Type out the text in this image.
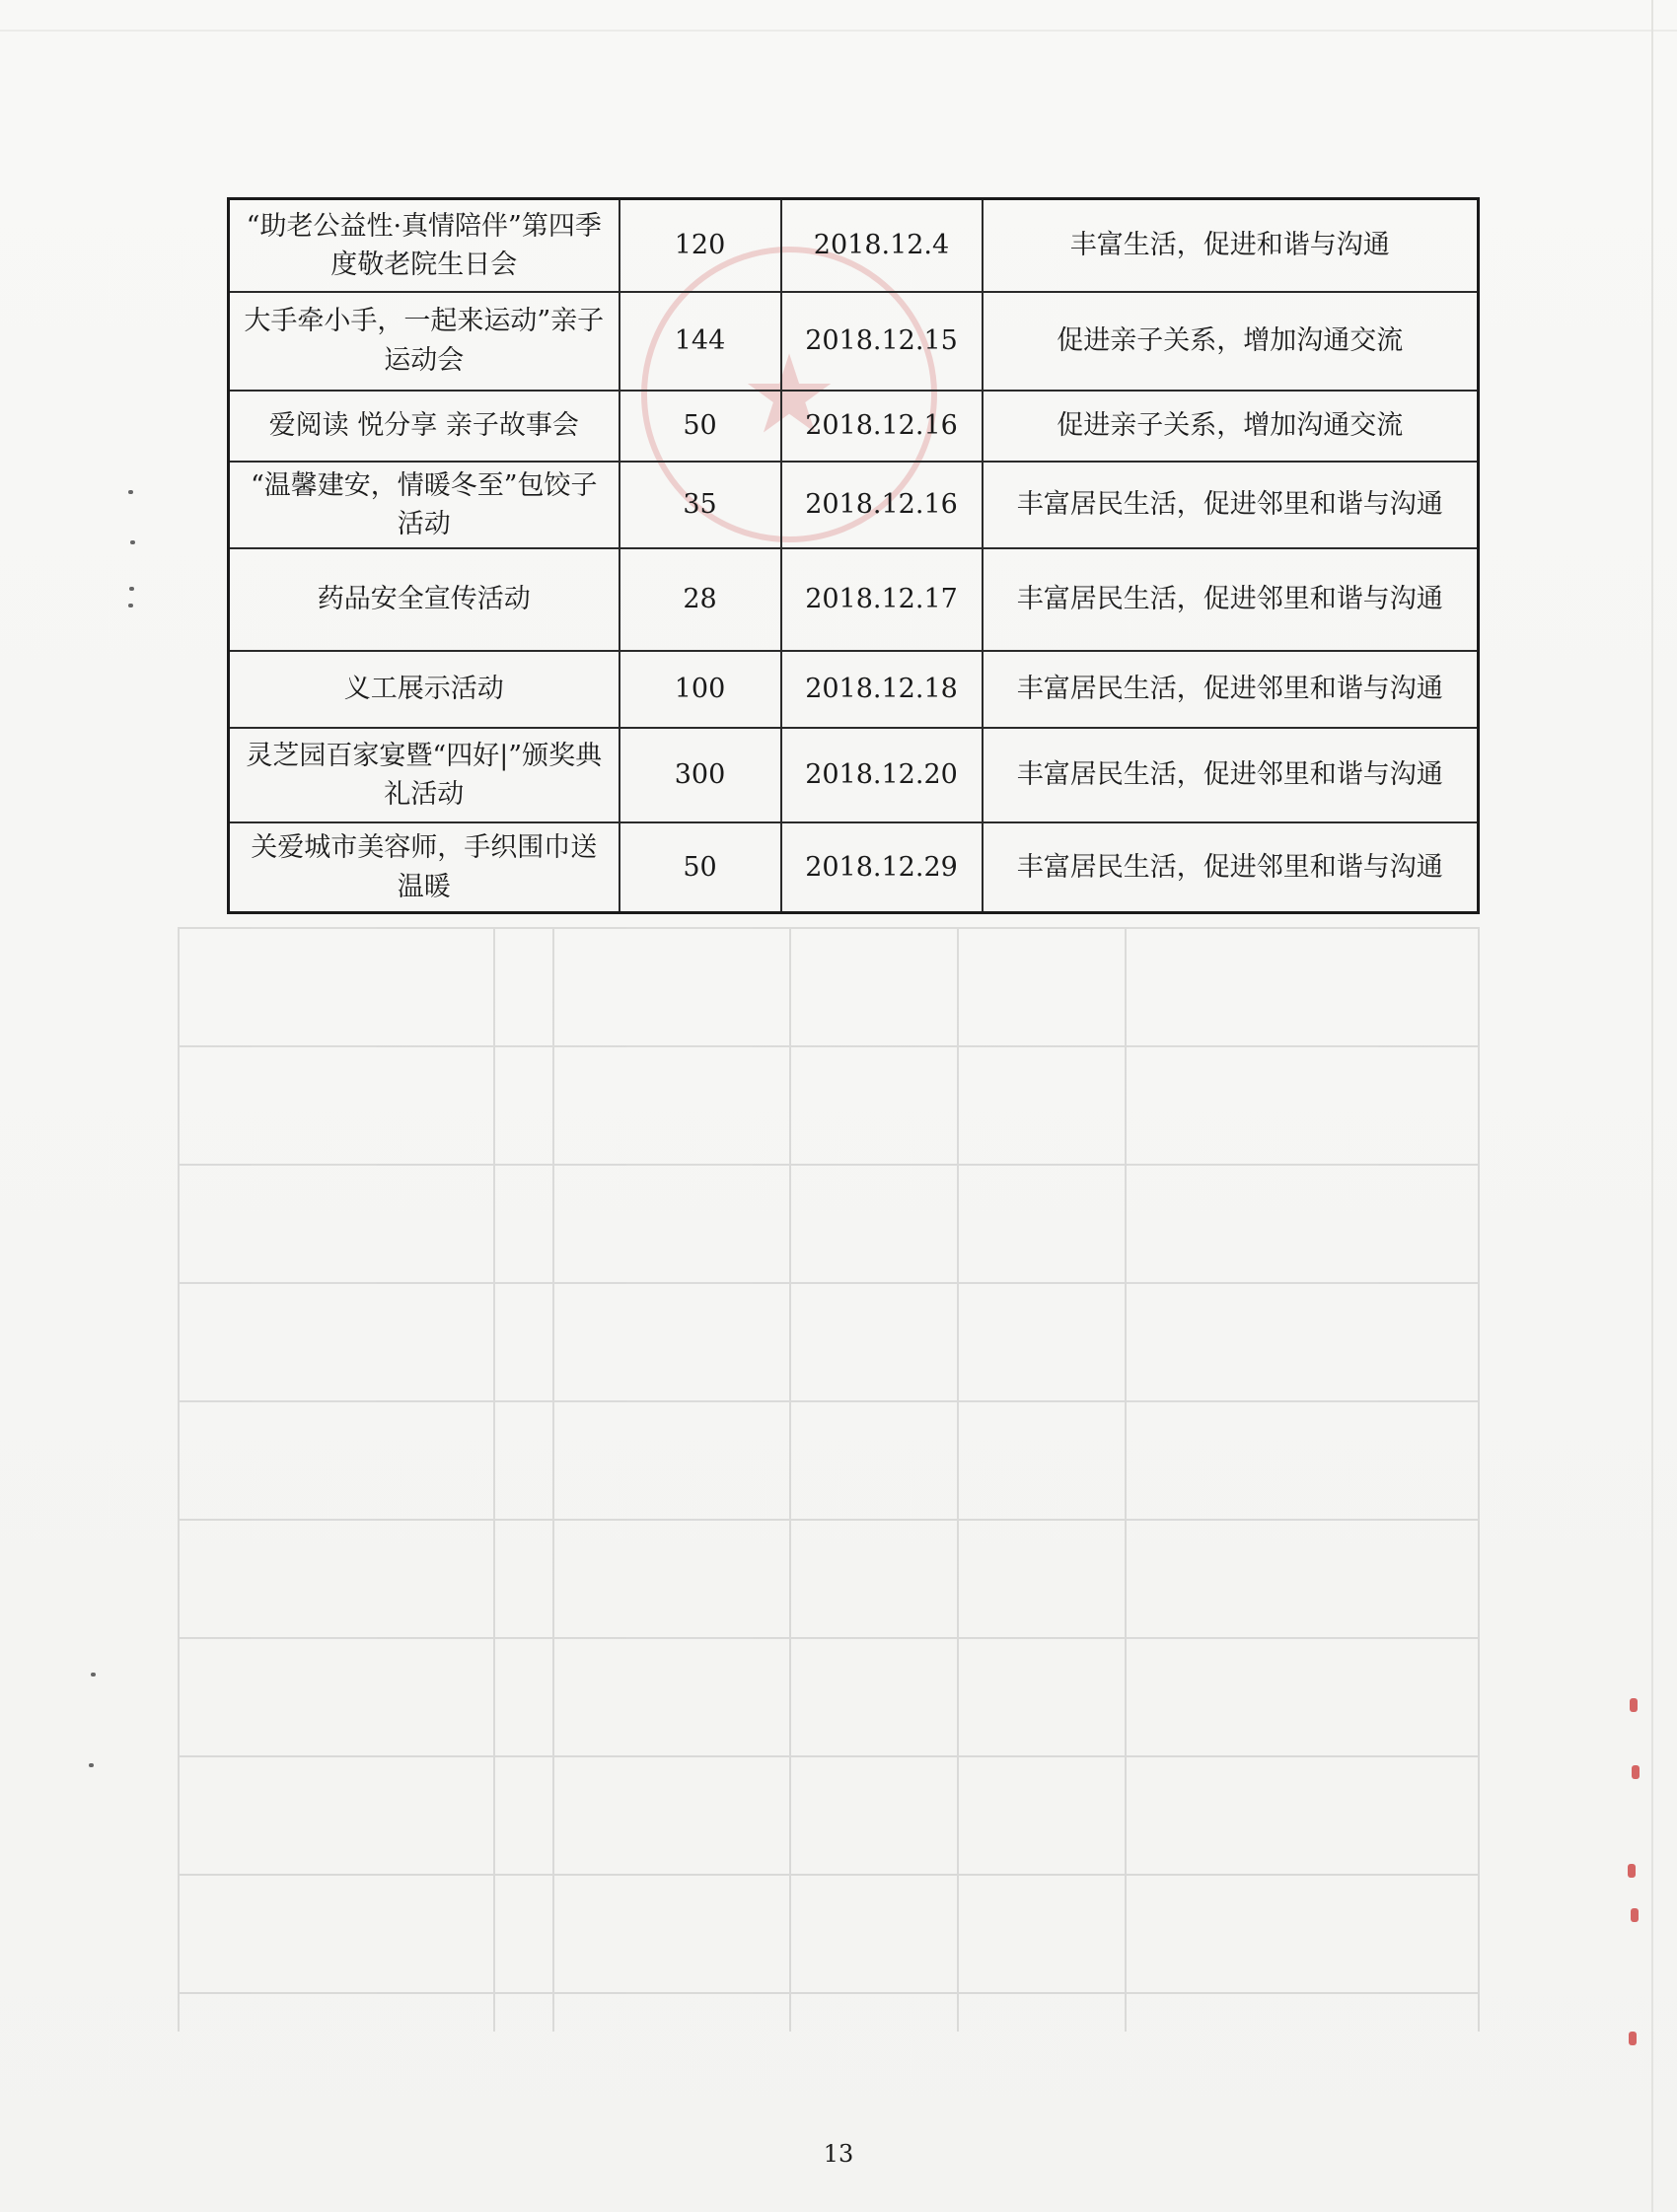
★
“助老公益性·真情陪伴”第四季度敬老院生日会	120	2018.12.4	丰富生活，促进和谐与沟通
大手牵小手，一起来运动”亲子运动会	144	2018.12.15	促进亲子关系，增加沟通交流
爱阅读 悦分享 亲子故事会	50	2018.12.16	促进亲子关系，增加沟通交流
“温馨建安，情暖冬至”包饺子活动	35	2018.12.16	丰富居民生活，促进邻里和谐与沟通
药品安全宣传活动	28	2018.12.17	丰富居民生活，促进邻里和谐与沟通
义工展示活动	100	2018.12.18	丰富居民生活，促进邻里和谐与沟通
灵芝园百家宴暨“四好|”颁奖典礼活动	300	2018.12.20	丰富居民生活，促进邻里和谐与沟通
关爱城市美容师，手织围巾送温暖	50	2018.12.29	丰富居民生活，促进邻里和谐与沟通
13
